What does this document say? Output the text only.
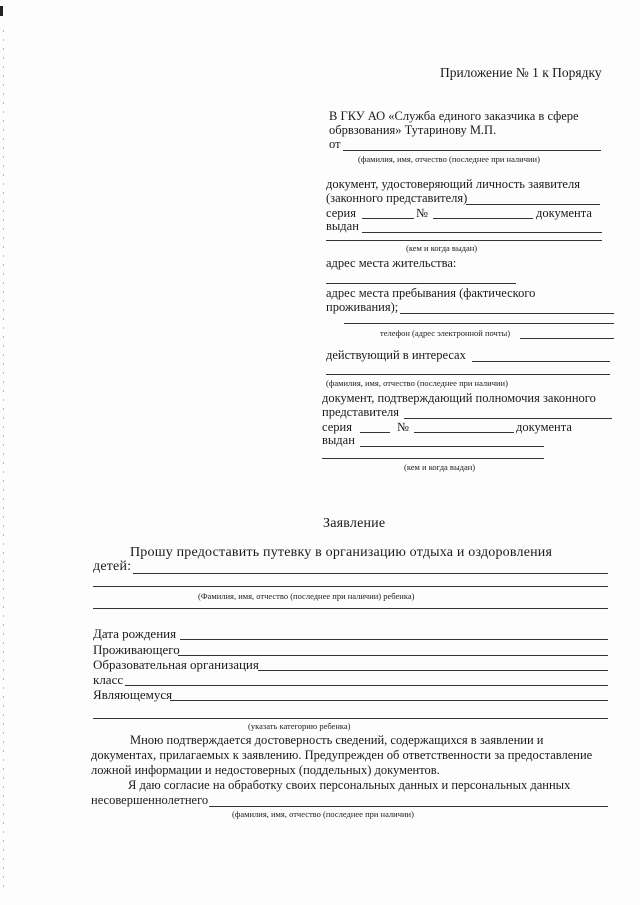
Приложение № 1 к Порядку
В ГКУ АО «Служба единого заказчика в сфере
обрвзования» Тутаринову М.П.
от
(фамилия, имя, отчество (последнее при наличии)
документ, удостоверяющий личность заявителя
(законного представителя)
серия	№	документа
выдан
(кем и когда выдан)
адрес места жительства:
адрес места пребывания (фактического
проживания);
телефон (адрес электронной почты)
действующий в интересах
(фамилия, имя, отчество (последнее при наличии)
документ, подтверждающий полномочия законного
представителя
серия	№	документа
выдан
(кем и когда выдан)
Заявление
Прошу предоставить путевку в организацию отдыха и оздоровления
детей:
(Фамилия, имя, отчество (последнее при наличии) ребенка)
Дата рождения
Проживающего
Образовательная организация
класс
Являющемуся
(указать категорию ребенка)
Мною подтверждается достоверность сведений, содержащихся в заявлении и
документах, прилагаемых к заявлению. Предупрежден об ответственности за предоставление
ложной информации и недостоверных (поддельных) документов.
Я даю согласие на обработку своих персональных данных и персональных данных
несовершеннолетнего
(фамилия, имя, отчество (последнее при наличии)
